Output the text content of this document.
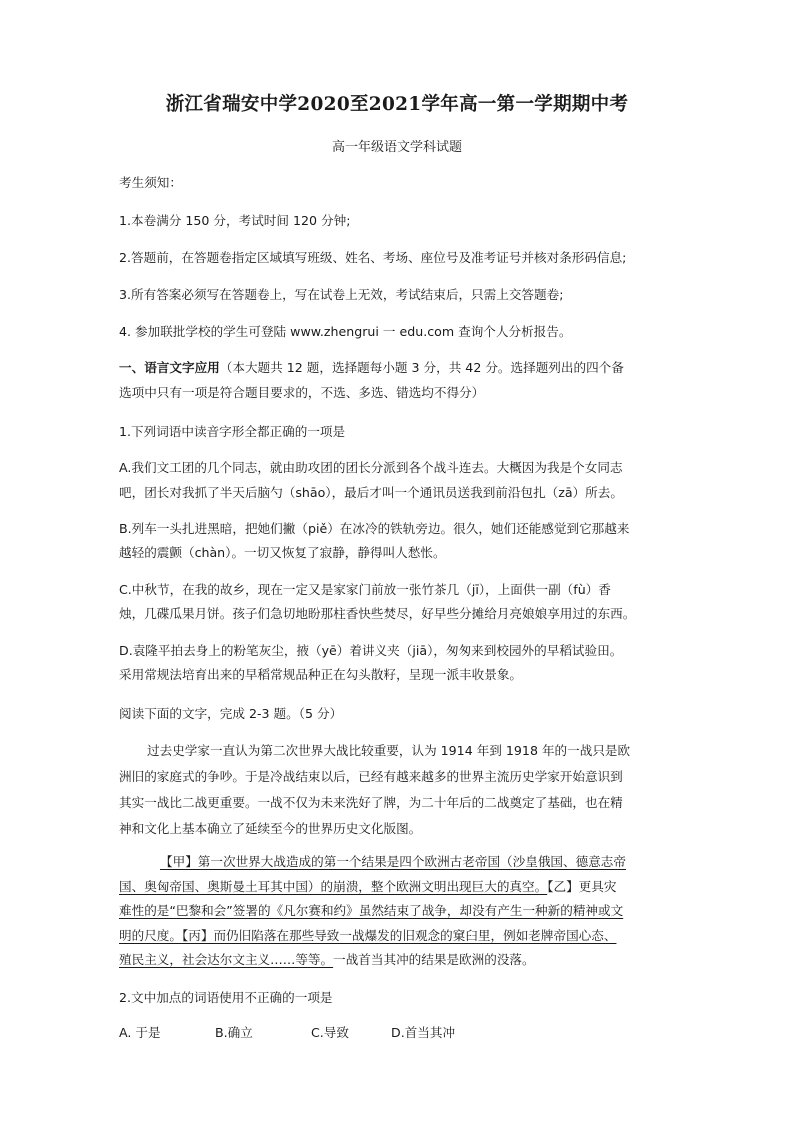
浙江省瑞安中学2020至2021学年高一第一学期期中考
高一年级语文学科试题
考生须知：
1.本卷满分 150 分，考试时间 120 分钟;
2.答题前，在答题卷指定区域填写班级、姓名、考场、座位号及准考证号并核对条形码信息;
3.所有答案必须写在答题卷上，写在试卷上无效，考试结束后，只需上交答题卷;
4. 参加联批学校的学生可登陆 www.zhengrui 一 edu.com 查询个人分析报告。
一、语言文字应用（本大题共 12 题，选择题每小题 3 分，共 42 分。选择题列出的四个备
选项中只有一项是符合题目要求的，不选、多选、错选均不得分）
1.下列词语中读音字形全都正确的一项是
A.我们文工团的几个同志，就由助攻团的团长分派到各个战斗连去。大概因为我是个女同志
吧，团长对我抓了半天后脑勺（shāo），最后才叫一个通讯员送我到前沿包扎（zā）所去。
B.列车一头扎进黑暗，把她们撇（piě）在冰冷的铁轨旁边。很久，她们还能感觉到它那越来
越轻的震颤（chàn）。一切又恢复了寂静，静得叫人愁怅。
C.中秋节，在我的故乡，现在一定又是家家门前放一张竹茶几（jī），上面供一副（fù）香
烛，几碟瓜果月饼。孩子们急切地盼那柱香快些焚尽，好早些分摊给月亮娘娘享用过的东西。
D.袁隆平拍去身上的粉笔灰尘，掖（yē）着讲义夹（jiā），匆匆来到校园外的早稻试验田。
采用常规法培育出来的早稻常规品种正在勾头散籽，呈现一派丰收景象。
阅读下面的文字，完成 2-3 题。（5 分）
过去史学家一直认为第二次世界大战比较重要，认为 1914 年到 1918 年的一战只是欧
洲旧的家庭式的争吵。于是冷战结束以后，已经有越来越多的世界主流历史学家开始意识到
其实一战比二战更重要。一战不仅为未来洗好了牌，为二十年后的二战奠定了基础，也在精
神和文化上基本确立了延续至今的世界历史文化版图。
【甲】第一次世界大战造成的第一个结果是四个欧洲古老帝国（沙皇俄国、德意志帝
国、奥匈帝国、奥斯曼土耳其中国）的崩溃，整个欧洲文明出现巨大的真空。【乙】更具灾
难性的是“巴黎和会”签署的《凡尔赛和约》虽然结束了战争，却没有产生一种新的精神或文
明的尺度。【丙】而仍旧陷落在那些导致一战爆发的旧观念的窠臼里，例如老牌帝国心态、
殖民主义，社会达尔文主义……等等。一战首当其冲的结果是欧洲的没落。
2.文中加点的词语使用不正确的一项是
A. 于是	B.确立	C.导致	D.首当其冲
